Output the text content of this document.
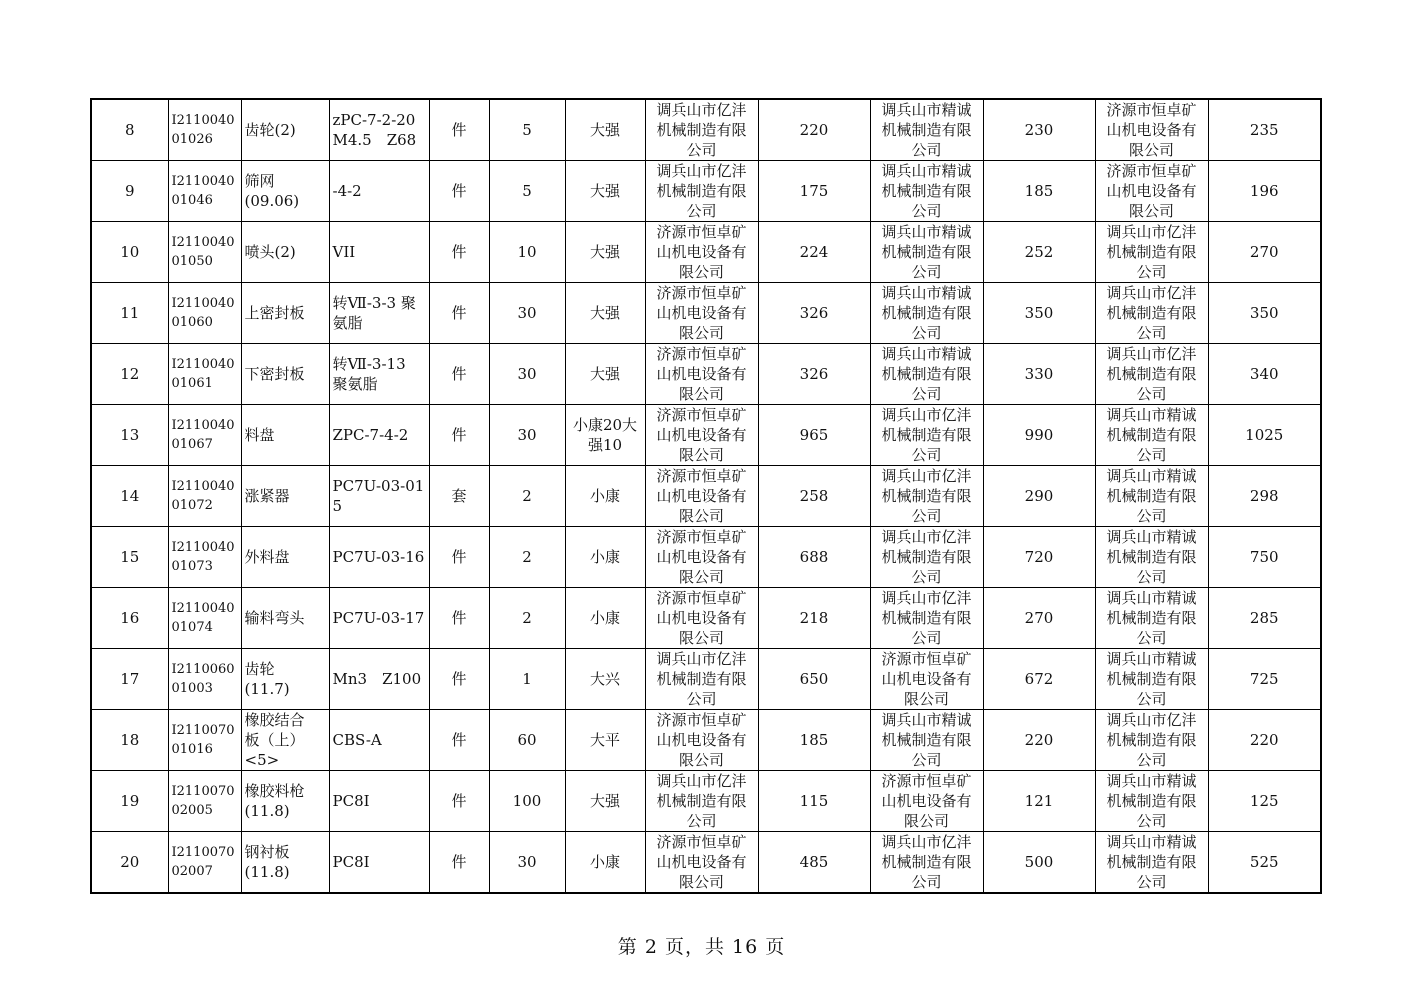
8	I2110040
01026	齿轮(2)	zPC-7-2-20
M4.5　Z68	件	5	大强	调兵山市亿沣
机械制造有限
公司	220	调兵山市精诚
机械制造有限
公司	230	济源市恒卓矿
山机电设备有
限公司	235
9	I2110040
01046	筛网
(09.06)	-4-2	件	5	大强	调兵山市亿沣
机械制造有限
公司	175	调兵山市精诚
机械制造有限
公司	185	济源市恒卓矿
山机电设备有
限公司	196
10	I2110040
01050	喷头(2)	VII	件	10	大强	济源市恒卓矿
山机电设备有
限公司	224	调兵山市精诚
机械制造有限
公司	252	调兵山市亿沣
机械制造有限
公司	270
11	I2110040
01060	上密封板	转Ⅶ-3-3 聚
氨脂	件	30	大强	济源市恒卓矿
山机电设备有
限公司	326	调兵山市精诚
机械制造有限
公司	350	调兵山市亿沣
机械制造有限
公司	350
12	I2110040
01061	下密封板	转Ⅶ-3-13
聚氨脂	件	30	大强	济源市恒卓矿
山机电设备有
限公司	326	调兵山市精诚
机械制造有限
公司	330	调兵山市亿沣
机械制造有限
公司	340
13	I2110040
01067	料盘	ZPC-7-4-2	件	30	小康20大
强10	济源市恒卓矿
山机电设备有
限公司	965	调兵山市亿沣
机械制造有限
公司	990	调兵山市精诚
机械制造有限
公司	1025
14	I2110040
01072	涨紧器	PC7U-03-015	套	2	小康	济源市恒卓矿
山机电设备有
限公司	258	调兵山市亿沣
机械制造有限
公司	290	调兵山市精诚
机械制造有限
公司	298
15	I2110040
01073	外料盘	PC7U-03-16	件	2	小康	济源市恒卓矿
山机电设备有
限公司	688	调兵山市亿沣
机械制造有限
公司	720	调兵山市精诚
机械制造有限
公司	750
16	I2110040
01074	输料弯头	PC7U-03-17	件	2	小康	济源市恒卓矿
山机电设备有
限公司	218	调兵山市亿沣
机械制造有限
公司	270	调兵山市精诚
机械制造有限
公司	285
17	I2110060
01003	齿轮
(11.7)	Mn3　Z100	件	1	大兴	调兵山市亿沣
机械制造有限
公司	650	济源市恒卓矿
山机电设备有
限公司	672	调兵山市精诚
机械制造有限
公司	725
18	I2110070
01016	橡胶结合
板（上）
<5>	CBS-A	件	60	大平	济源市恒卓矿
山机电设备有
限公司	185	调兵山市精诚
机械制造有限
公司	220	调兵山市亿沣
机械制造有限
公司	220
19	I2110070
02005	橡胶料枪
(11.8)	PC8I	件	100	大强	调兵山市亿沣
机械制造有限
公司	115	济源市恒卓矿
山机电设备有
限公司	121	调兵山市精诚
机械制造有限
公司	125
20	I2110070
02007	钢衬板
(11.8)	PC8I	件	30	小康	济源市恒卓矿
山机电设备有
限公司	485	调兵山市亿沣
机械制造有限
公司	500	调兵山市精诚
机械制造有限
公司	525
第 2 页，共 16 页
